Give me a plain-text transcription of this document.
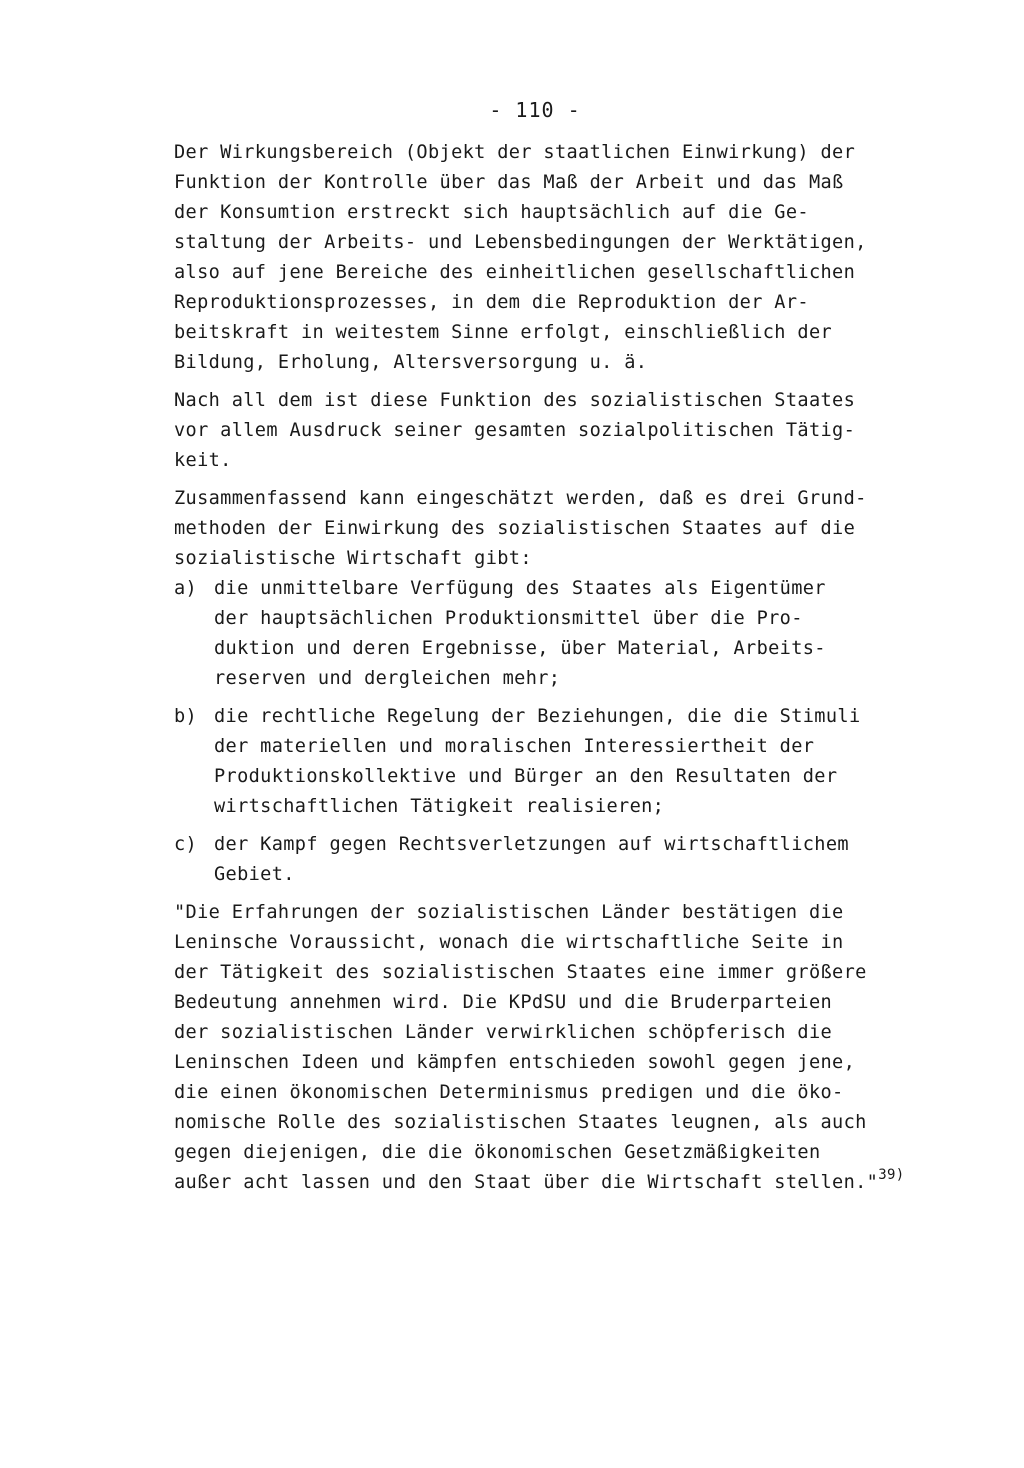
- 110 -
Der Wirkungsbereich (Objekt der staatlichen Einwirkung) der
Funktion der Kontrolle über das Maß der Arbeit und das Maß
der Konsumtion erstreckt sich hauptsächlich auf die Ge-
staltung der Arbeits- und Lebensbedingungen der Werktätigen,
also auf jene Bereiche des einheitlichen gesellschaftlichen
Reproduktionsprozesses, in dem die Reproduktion der Ar-
beitskraft in weitestem Sinne erfolgt, einschließlich der
Bildung, Erholung, Altersversorgung u. ä.
Nach all dem ist diese Funktion des sozialistischen Staates
vor allem Ausdruck seiner gesamten sozialpolitischen Tätig-
keit.
Zusammenfassend kann eingeschätzt werden, daß es drei Grund-
methoden der Einwirkung des sozialistischen Staates auf die
sozialistische Wirtschaft gibt:
a) die unmittelbare Verfügung des Staates als Eigentümer
der hauptsächlichen Produktionsmittel über die Pro-
duktion und deren Ergebnisse, über Material, Arbeits-
reserven und dergleichen mehr;
b) die rechtliche Regelung der Beziehungen, die die Stimuli
der materiellen und moralischen Interessiertheit der
Produktionskollektive und Bürger an den Resultaten der
wirtschaftlichen Tätigkeit realisieren;
c) der Kampf gegen Rechtsverletzungen auf wirtschaftlichem
Gebiet.
"Die Erfahrungen der sozialistischen Länder bestätigen die
Leninsche Voraussicht, wonach die wirtschaftliche Seite in
der Tätigkeit des sozialistischen Staates eine immer größere
Bedeutung annehmen wird. Die KPdSU und die Bruderparteien
der sozialistischen Länder verwirklichen schöpferisch die
Leninschen Ideen und kämpfen entschieden sowohl gegen jene,
die einen ökonomischen Determinismus predigen und die öko-
nomische Rolle des sozialistischen Staates leugnen, als auch
gegen diejenigen, die die ökonomischen Gesetzmäßigkeiten
außer acht lassen und den Staat über die Wirtschaft stellen."$^{39)}$
